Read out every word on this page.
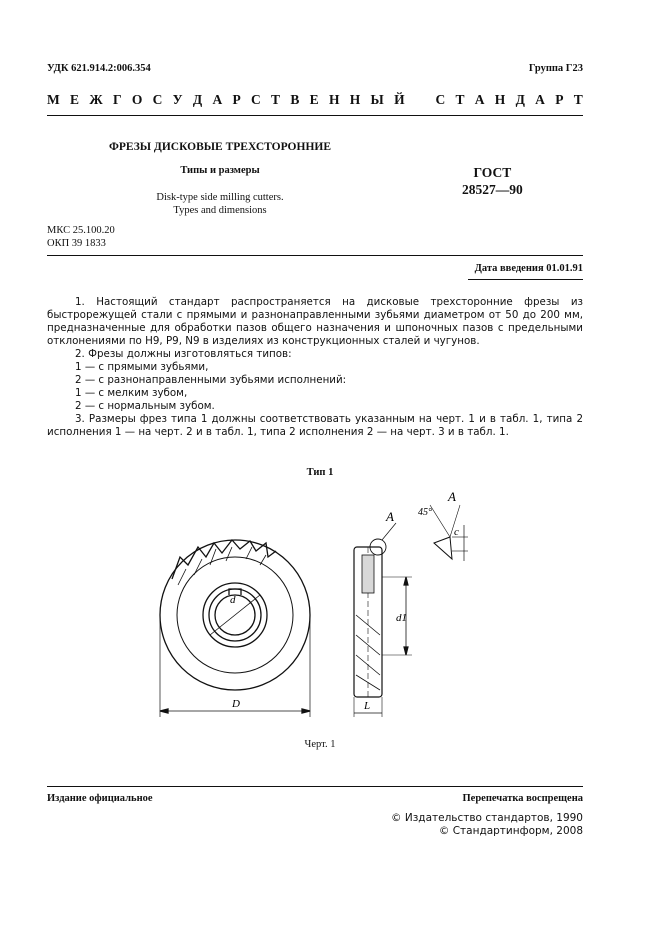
УДК 621.914.2:006.354	Группа Г23
М Е Ж Г О С У Д А Р С Т В Е Н Н Ы Й С Т А Н Д А Р Т
ФРЕЗЫ ДИСКОВЫЕ ТРЕХСТОРОННИЕ
Типы и размеры
Disk-type side milling cutters.
Types and dimensions
ГОСТ
28527—90
МКС 25.100.20
ОКП 39 1833
Дата введения 01.01.91

1. Настоящий стандарт распространяется на дисковые трехсторонние фрезы из быстрорежущей стали с прямыми и разнонаправленными зубьями диаметром от 50 до 200 мм, предназначенные для обработки пазов общего назначения и шпоночных пазов с предельными отклонениями по Н9, Р9, N9 в изделиях из конструкционных сталей и чугунов.

2. Фрезы должны изготовляться типов:

1 — с прямыми зубьями,

2 — с разнонаправленными зубьями исполнений:

1 — с мелким зубом,

2 — с нормальным зубом.

3. Размеры фрез типа 1 должны соответствовать указанным на черт. 1 и в табл. 1, типа 2 исполнения 1 — на черт. 2 и в табл. 1, типа 2 исполнения 2 — на черт. 3 и в табл. 1.

Тип 1
d
D
A
A
45°
c
d1
L
Черт. 1
Издание официальное	Перепечатка воспрещена
© Издательство стандартов, 1990
© Стандартинформ, 2008
